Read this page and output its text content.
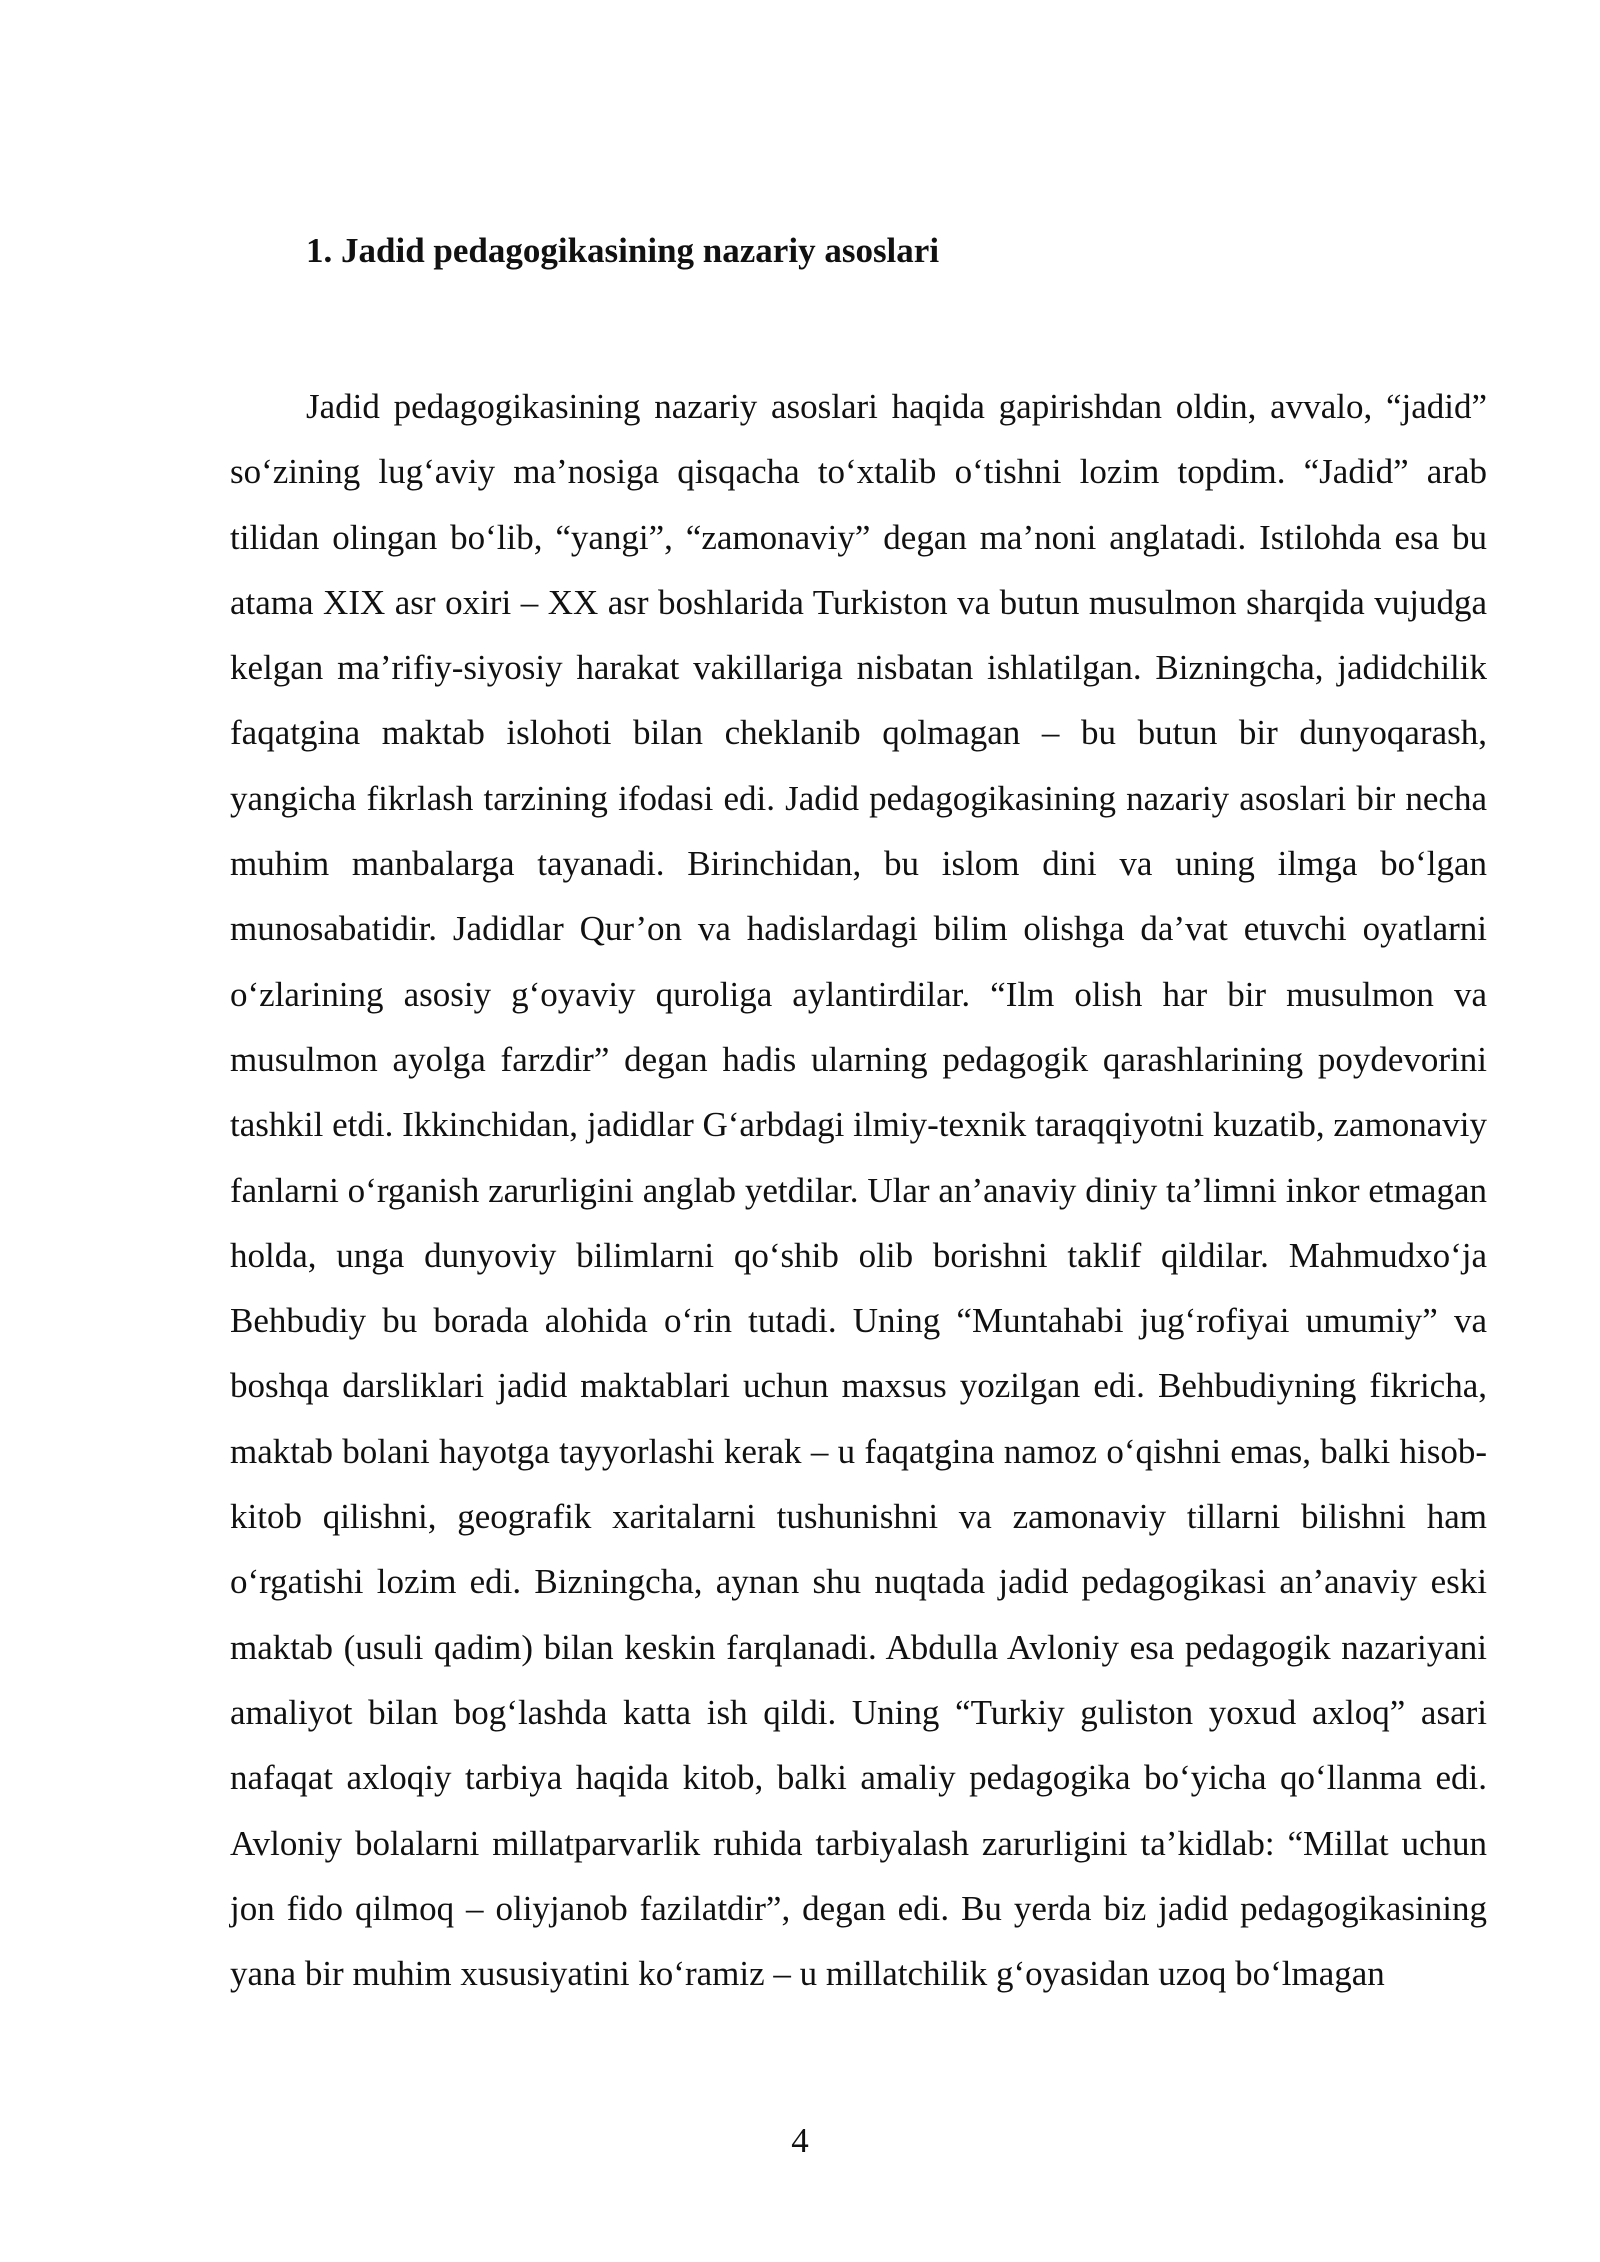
1. Jadid pedagogikasining nazariy asoslari

Jadid pedagogikasining nazariy asoslari haqida gapirishdan oldin, avvalo, “jadid” so‘zining lug‘aviy ma’nosiga qisqacha to‘xtalib o‘tishni lozim topdim. “Jadid” arab tilidan olingan bo‘lib, “yangi”, “zamonaviy” degan ma’noni anglatadi. Istilohda esa bu atama XIX asr oxiri – XX asr boshlarida Turkiston va butun musulmon sharqida vujudga kelgan ma’rifiy-siyosiy harakat vakillariga nisbatan ishlatilgan. Bizningcha, jadidchilik faqatgina maktab islohoti bilan cheklanib qolmagan – bu butun bir dunyoqarash, yangicha fikrlash tarzining ifodasi edi. Jadid pedagogikasining nazariy asoslari bir necha muhim manbalarga tayanadi. Birinchidan, bu islom dini va uning ilmga bo‘lgan munosabatidir. Jadidlar Qur’on va hadislardagi bilim olishga da’vat etuvchi oyatlarni o‘zlarining asosiy g‘oyaviy quroliga aylantirdilar. “Ilm olish har bir musulmon va musulmon ayolga farzdir” degan hadis ularning pedagogik qarashlarining poydevorini tashkil etdi. Ikkinchidan, jadidlar G‘arbdagi ilmiy-texnik taraqqiyotni kuzatib, zamonaviy fanlarni o‘rganish zarurligini anglab yetdilar. Ular an’anaviy diniy ta’limni inkor etmagan holda, unga dunyoviy bilimlarni qo‘shib olib borishni taklif qildilar. Mahmudxo‘ja Behbudiy bu borada alohida o‘rin tutadi. Uning “Muntahabi jug‘rofiyai umumiy” va boshqa darsliklari jadid maktablari uchun maxsus yozilgan edi. Behbudiyning fikricha, maktab bolani hayotga tayyorlashi kerak – u faqatgina namoz o‘qishni emas, balki hisob-kitob qilishni, geografik xaritalarni tushunishni va zamonaviy tillarni bilishni ham o‘rgatishi lozim edi. Bizningcha, aynan shu nuqtada jadid pedagogikasi an’anaviy eski maktab (usuli qadim) bilan keskin farqlanadi. Abdulla Avloniy esa pedagogik nazariyani amaliyot bilan bog‘lashda katta ish qildi. Uning “Turkiy guliston yoxud axloq” asari nafaqat axloqiy tarbiya haqida kitob, balki amaliy pedagogika bo‘yicha qo‘llanma edi. Avloniy bolalarni millatparvarlik ruhida tarbiyalash zarurligini ta’kidlab: “Millat uchun jon fido qilmoq – oliyjanob fazilatdir”, degan edi. Bu yerda biz jadid pedagogikasining yana bir muhim xususiyatini ko‘ramiz – u millatchilik g‘oyasidan uzoq bo‘lmagan

4
